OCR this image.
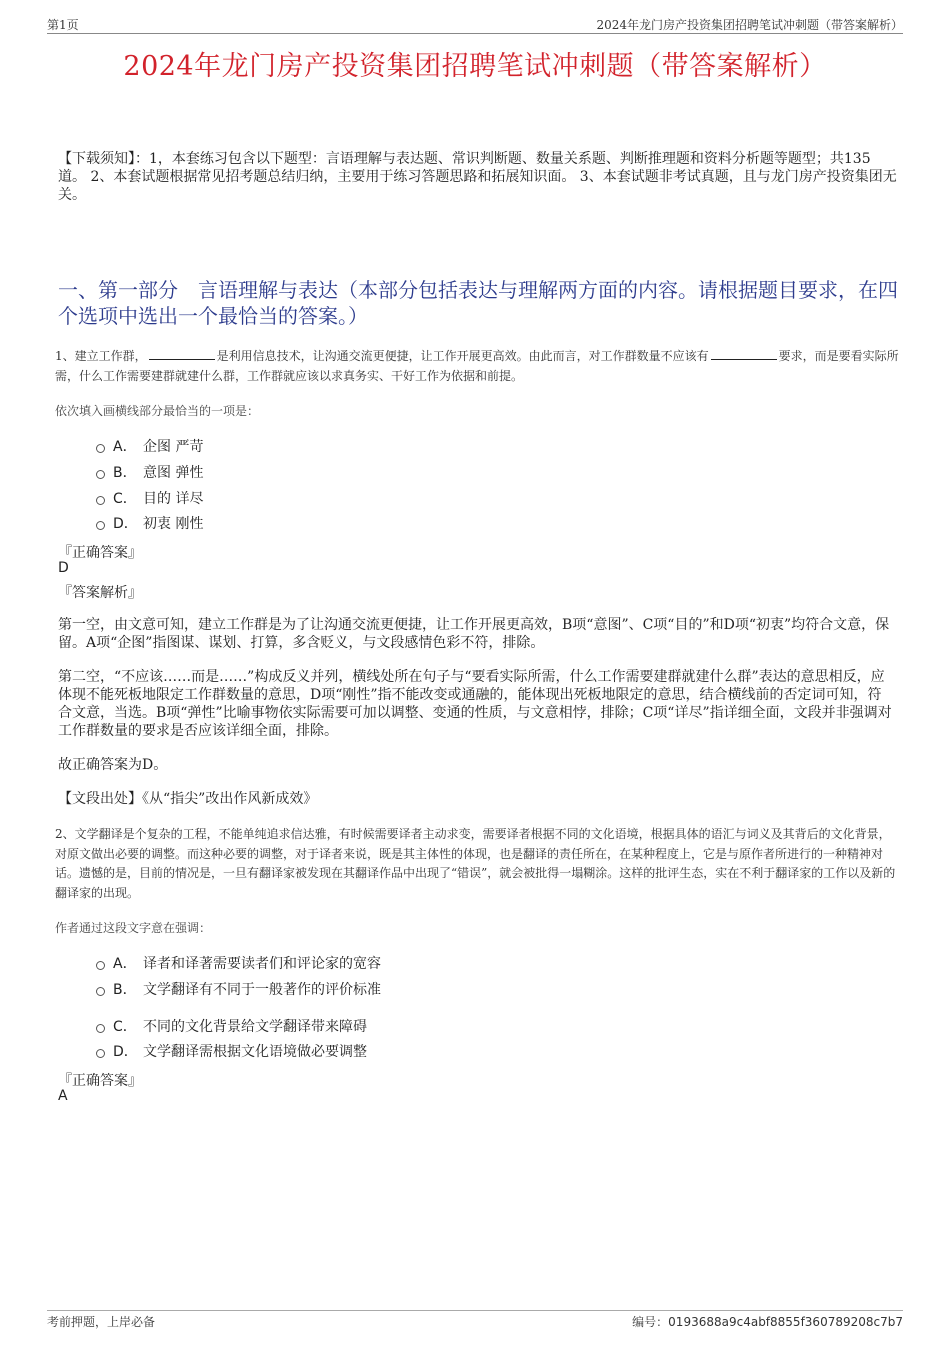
第1页	2024年龙门房产投资集团招聘笔试冲刺题（带答案解析）
2024年龙门房产投资集团招聘笔试冲刺题（带答案解析）
【下载须知】：1，本套练习包含以下题型：言语理解与表达题、常识判断题、数量关系题、判断推理题和资料分析题等题型；共135道。 2、本套试题根据常见招考题总结归纳，主要用于练习答题思路和拓展知识面。 3、本套试题非考试真题，且与龙门房产投资集团无关。
一、第一部分　言语理解与表达（本部分包括表达与理解两方面的内容。请根据题目要求，在四个选项中选出一个最恰当的答案。）
1、建立工作群，	是利用信息技术，让沟通交流更便捷，让工作开展更高效。由此而言，对工作群数量不应该有	要求，而是要看实际所需，什么工作需要建群就建什么群，工作群就应该以求真务实、干好工作为依据和前提。
依次填入画横线部分最恰当的一项是：
A． 企图 严苛
B． 意图 弹性
C． 目的 详尽
D． 初衷 刚性
『正确答案』
D
『答案解析』
第一空，由文意可知，建立工作群是为了让沟通交流更便捷，让工作开展更高效，B项“意图”、C项“目的”和D项“初衷”均符合文意，保留。A项“企图”指图谋、谋划、打算，多含贬义，与文段感情色彩不符，排除。
第二空，“不应该……而是……”构成反义并列，横线处所在句子与“要看实际所需，什么工作需要建群就建什么群”表达的意思相反，应体现不能死板地限定工作群数量的意思，D项“刚性”指不能改变或通融的，能体现出死板地限定的意思，结合横线前的否定词可知，符合文意，当选。B项“弹性”比喻事物依实际需要可加以调整、变通的性质，与文意相悖，排除；C项“详尽”指详细全面，文段并非强调对工作群数量的要求是否应该详细全面，排除。
故正确答案为D。
【文段出处】《从“指尖”改出作风新成效》
2、文学翻译是个复杂的工程，不能单纯追求信达雅，有时候需要译者主动求变，需要译者根据不同的文化语境，根据具体的语汇与词义及其背后的文化背景，对原文做出必要的调整。而这种必要的调整，对于译者来说，既是其主体性的体现，也是翻译的责任所在，在某种程度上，它是与原作者所进行的一种精神对话。遗憾的是，目前的情况是，一旦有翻译家被发现在其翻译作品中出现了“错误”，就会被批得一塌糊涂。这样的批评生态，实在不利于翻译家的工作以及新的翻译家的出现。
作者通过这段文字意在强调：
A． 译者和译著需要读者们和评论家的宽容
B． 文学翻译有不同于一般著作的评价标准
C． 不同的文化背景给文学翻译带来障碍
D． 文学翻译需根据文化语境做必要调整
『正确答案』
A
考前押题，上岸必备	编号：0193688a9c4abf8855f360789208c7b7
